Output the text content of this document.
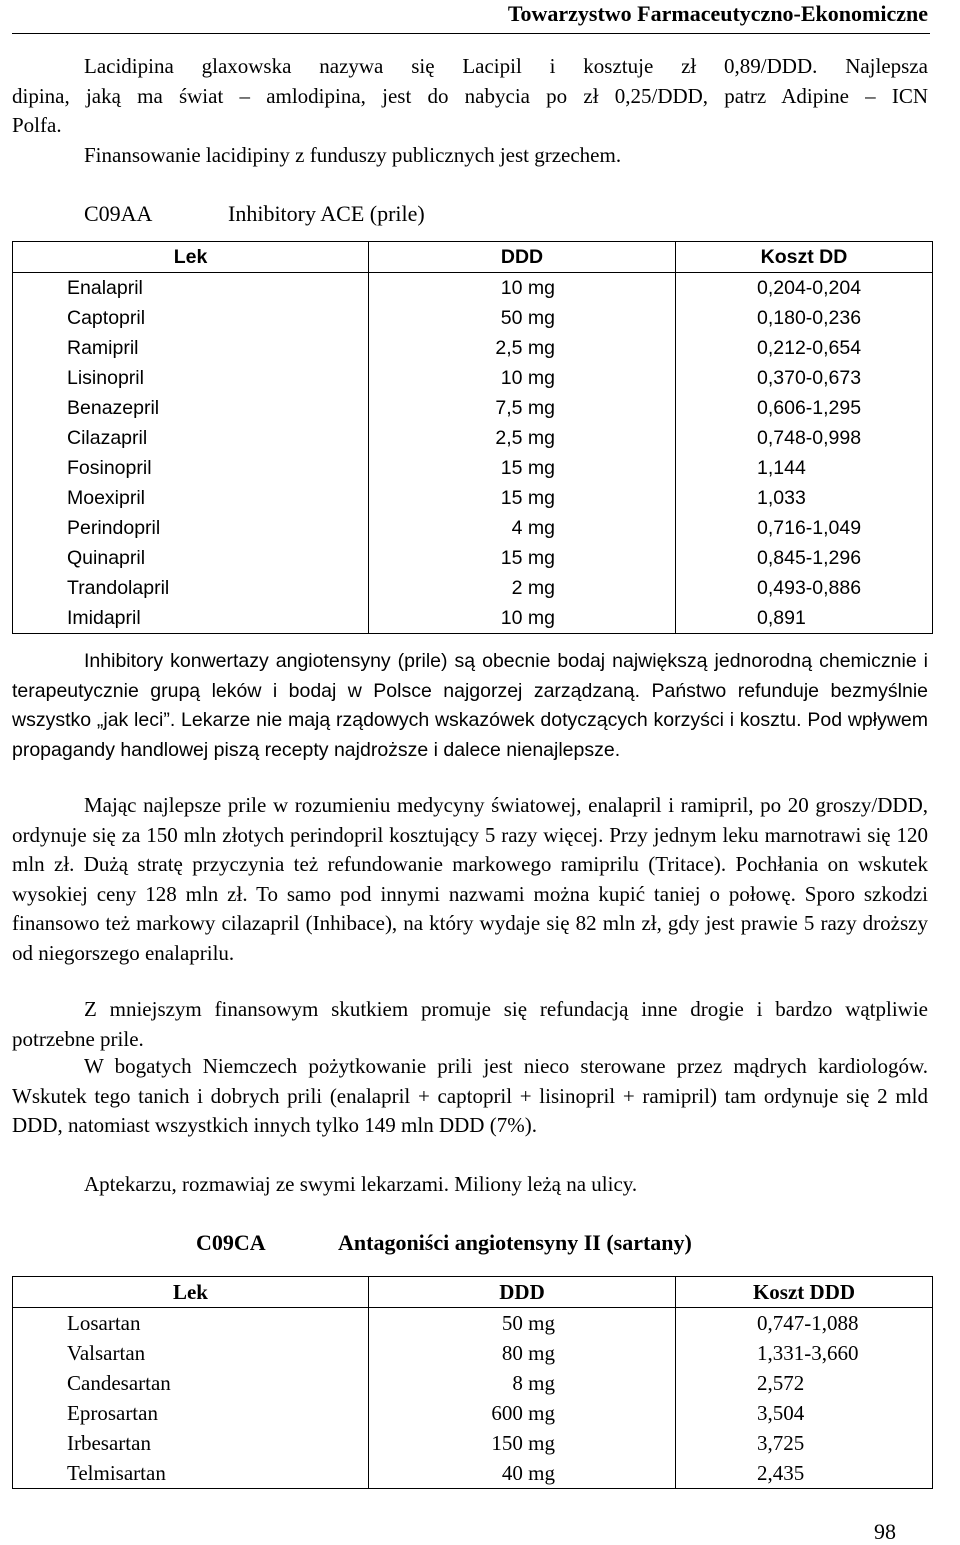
Towarzystwo Farmaceutyczno-Ekonomiczne

Lacidipina glaxowska nazywa się Lacipil i kosztuje zł 0,89/DDD. Najlepsza
dipina, jaką ma świat – amlodipina, jest do nabycia po zł 0,25/DDD, patrz Adipine – ICN
Polfa.

Finansowanie lacidipiny z funduszy publicznych jest grzechem.

C09AA	Inhibitory ACE (prile)
Lek	DDD	Koszt DD
Enalapril	10 mg	0,204-0,204
Captopril	50 mg	0,180-0,236
Ramipril	2,5 mg	0,212-0,654
Lisinopril	10 mg	0,370-0,673
Benazepril	7,5 mg	0,606-1,295
Cilazapril	2,5 mg	0,748-0,998
Fosinopril	15 mg	1,144
Moexipril	15 mg	1,033
Perindopril	4 mg	0,716-1,049
Quinapril	15 mg	0,845-1,296
Trandolapril	2 mg	0,493-0,886
Imidapril	10 mg	0,891

Inhibitory konwertazy angiotensyny (prile) są obecnie bodaj największą jednorodną chemicznie i terapeutycznie grupą leków i bodaj w Polsce najgorzej zarządzaną. Państwo refunduje bezmyślnie wszystko „jak leci”. Lekarze nie mają rządowych wskazówek dotyczących korzyści i kosztu. Pod wpływem propagandy handlowej piszą recepty najdroższe i dalece nienajlepsze.

Mając najlepsze prile w rozumieniu medycyny światowej, enalapril i ramipril, po 20 groszy/DDD, ordynuje się za 150 mln złotych perindopril kosztujący 5 razy więcej. Przy jednym leku marnotrawi się 120 mln zł. Dużą stratę przyczynia też refundowanie markowego ramiprilu (Tritace). Pochłania on wskutek wysokiej ceny 128 mln zł. To samo pod innymi nazwami można kupić taniej o połowę. Sporo szkodzi finansowo też markowy cilazapril (Inhibace), na który wydaje się 82 mln zł, gdy jest prawie 5 razy droższy od niegorszego enalaprilu.

Z mniejszym finansowym skutkiem promuje się refundacją inne drogie i bardzo wątpliwie potrzebne prile.

W bogatych Niemczech pożytkowanie prili jest nieco sterowane przez mądrych kardiologów. Wskutek tego tanich i dobrych prili (enalapril + captopril + lisinopril + ramipril) tam ordynuje się 2 mld DDD, natomiast wszystkich innych tylko 149 mln DDD (7%).

Aptekarzu, rozmawiaj ze swymi lekarzami. Miliony leżą na ulicy.

C09CA	Antagoniści angiotensyny II (sartany)
Lek	DDD	Koszt DDD
Losartan	50 mg	0,747-1,088
Valsartan	80 mg	1,331-3,660
Candesartan	8 mg	2,572
Eprosartan	600 mg	3,504
Irbesartan	150 mg	3,725
Telmisartan	40 mg	2,435
98
